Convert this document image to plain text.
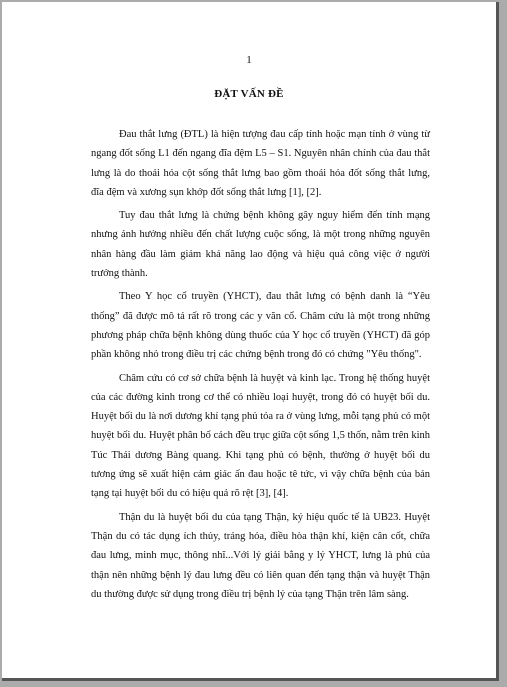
1
ĐẶT VẤN ĐỀ

Đau thắt lưng (ĐTL) là hiện tượng đau cấp tính hoặc mạn tính ở vùng từ ngang đốt sống L1 đến ngang đĩa đệm L5 – S1. Nguyên nhân chính của đau thắt lưng là do thoái hóa cột sống thắt lưng bao gồm thoái hóa đốt sống thắt lưng, đĩa đệm và xương sụn khớp đốt sống thắt lưng [1], [2].

Tuy đau thắt lưng là chứng bệnh không gây nguy hiểm đến tính mạng nhưng ảnh hưởng nhiều đến chất lượng cuộc sống, là một trong những nguyên nhân hàng đầu làm giảm khả năng lao động và hiệu quả công việc ở người trưởng thành.

Theo Y học cổ truyền (YHCT), đau thắt lưng có bệnh danh là “Yêu thống” đã được mô tả rất rõ trong các y văn cổ. Châm cứu là một trong những phương pháp chữa bệnh không dùng thuốc của Y học cổ truyền (YHCT) đã góp phần không nhỏ trong điều trị các chứng bệnh trong đó có chứng "Yêu thống".

Châm cứu có cơ sở chữa bệnh là huyệt và kinh lạc. Trong hệ thống huyệt của các đường kinh trong cơ thể có nhiều loại huyệt, trong đó có huyệt bối du. Huyệt bối du là nơi dương khí tạng phủ tỏa ra ở vùng lưng, mỗi tạng phủ có một huyệt bối du. Huyệt phân bố cách đều trục giữa cột sống 1,5 thốn, nằm trên kinh Túc Thái dương Bàng quang. Khi tạng phủ có bệnh, thường ở huyệt bối du tương ứng sẽ xuất hiện cảm giác ấn đau hoặc tê tức, vì vậy chữa bệnh của bản tạng tại huyệt bối du có hiệu quả rõ rệt [3], [4].

Thận du là huyệt bối du của tạng Thận, ký hiệu quốc tế là UB23. Huyệt Thận du có tác dụng ích thủy, tráng hỏa, điều hòa thận khí, kiện cân cốt, chữa đau lưng, minh mục, thông nhĩ...Với lý giải bằng y lý YHCT, lưng là phủ của thận nên những bệnh lý đau lưng đều có liên quan đến tạng thận và huyệt Thận du thường được sử dụng trong điều trị bệnh lý của tạng Thận trên lâm sàng.
